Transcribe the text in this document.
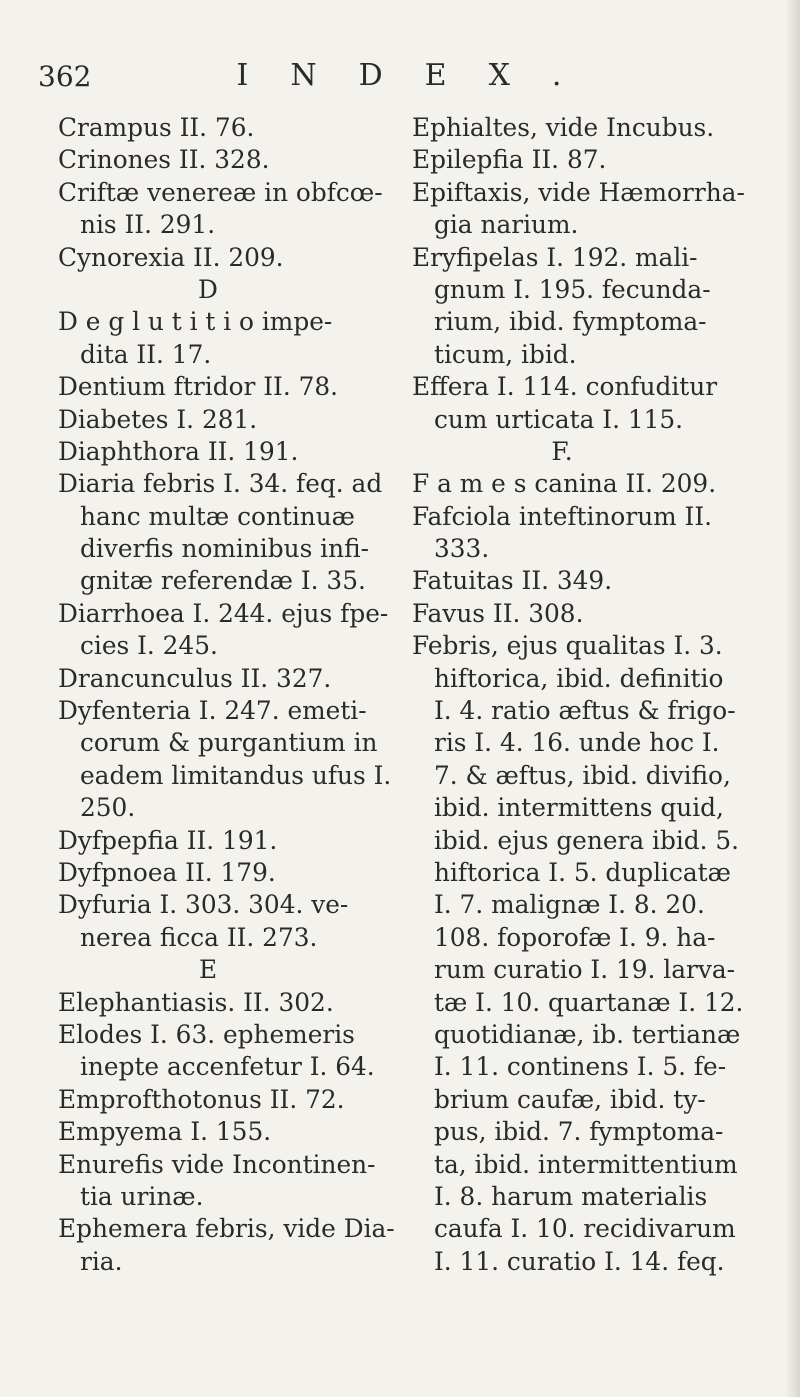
362	INDEX.
Crampus II. 76.
Crinones II. 328.
Criftæ venereæ in obfcœ-
nis II. 291.
Cynorexia II. 209.
D
D e g l u t i t i o impe-
dita II. 17.
Dentium ftridor II. 78.
Diabetes I. 281.
Diaphthora II. 191.
Diaria febris I. 34. feq. ad
hanc multæ continuæ
diverfis nominibus infi-
gnitæ referendæ I. 35.
Diarrhoea I. 244. ejus fpe-
cies I. 245.
Drancunculus II. 327.
Dyfenteria I. 247. emeti-
corum & purgantium in
eadem limitandus ufus I.
250.
Dyfpepfia II. 191.
Dyfpnoea II. 179.
Dyfuria I. 303. 304. ve-
nerea ficca II. 273.
E
Elephantiasis. II. 302.
Elodes I. 63. ephemeris
inepte accenfetur I. 64.
Emprofthotonus II. 72.
Empyema I. 155.
Enurefis vide Incontinen-
tia urinæ.
Ephemera febris, vide Dia-
ria.
Ephialtes, vide Incubus.
Epilepfia II. 87.
Epiftaxis, vide Hæmorrha-
gia narium.
Eryfipelas I. 192. mali-
gnum I. 195. fecunda-
rium, ibid. fymptoma-
ticum, ibid.
Effera I. 114. confuditur
cum urticata I. 115.
F.
F a m e s canina II. 209.
Fafciola inteftinorum II.
333.
Fatuitas II. 349.
Favus II. 308.
Febris, ejus qualitas I. 3.
hiftorica, ibid. definitio
I. 4. ratio æftus & frigo-
ris I. 4. 16. unde hoc I.
7. & æftus, ibid. divifio,
ibid. intermittens quid,
ibid. ejus genera ibid. 5.
hiftorica I. 5. duplicatæ
I. 7. malignæ I. 8. 20.
108. foporofæ I. 9. ha-
rum curatio I. 19. larva-
tæ I. 10. quartanæ I. 12.
quotidianæ, ib. tertianæ
I. 11. continens I. 5. fe-
brium caufæ, ibid. ty-
pus, ibid. 7. fymptoma-
ta, ibid. intermittentium
I. 8. harum materialis
caufa I. 10. recidivarum
I. 11. curatio I. 14. feq.
